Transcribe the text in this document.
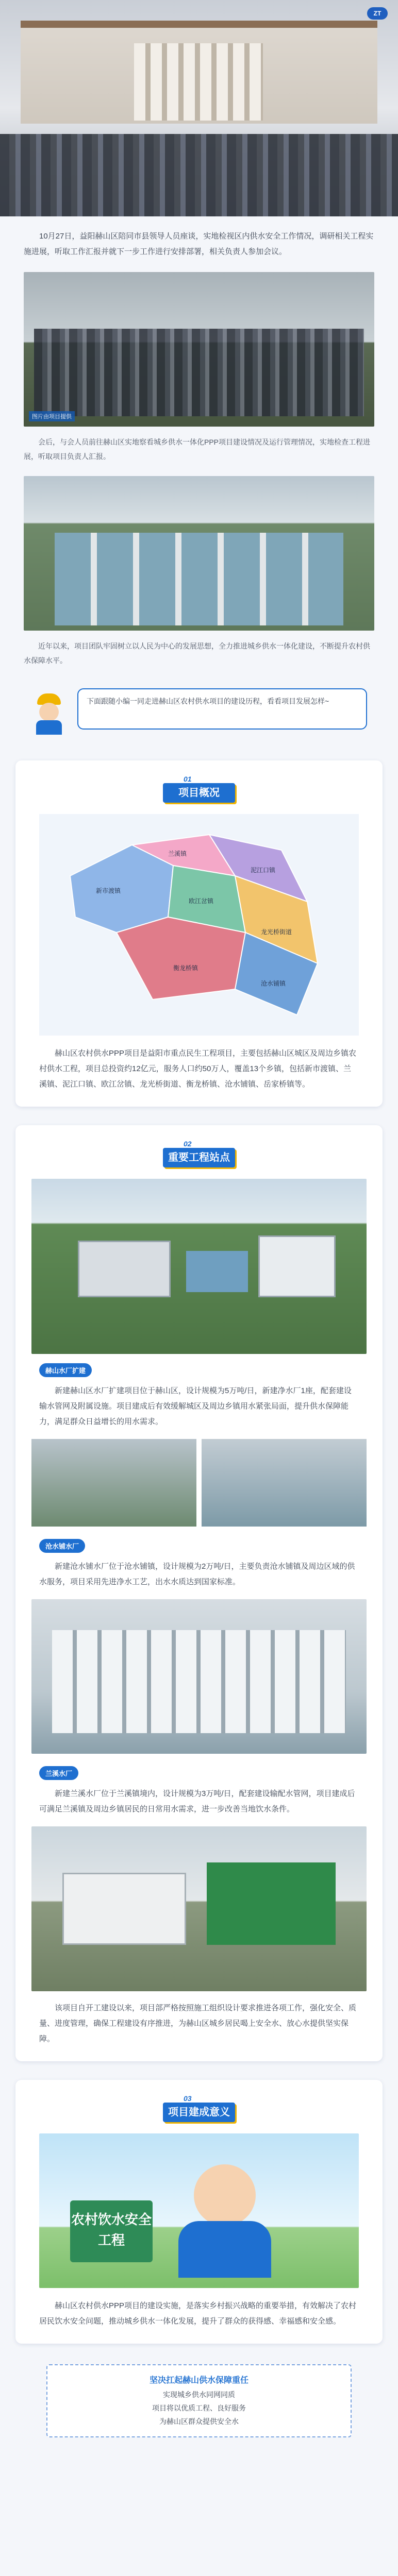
ZT

10月27日，益阳赫山区陪同市县领导人员座谈，实地检视区内供水安全工作情况，调研相关工程实施进展，听取工作汇报并就下一步工作进行安排部署，相关负责人参加会议。

图片由项目提供

会后，与会人员前往赫山区实地察看城乡供水一体化PPP项目建设情况及运行管理情况，实地检查工程进展，听取项目负责人汇报。

近年以来，项目团队牢固树立以人民为中心的发展思想，全力推进城乡供水一体化建设，不断提升农村供水保障水平。

下面跟随小编一同走进赫山区农村供水项目的建设历程，看看项目发展怎样~
01
项目概况
新市渡镇
兰溪镇
泥江口镇
欧江岔镇
龙光桥街道
衡龙桥镇
沧水铺镇

赫山区农村供水PPP项目是益阳市重点民生工程项目，主要包括赫山区城区及周边乡镇农村供水工程，项目总投资约12亿元，服务人口约50万人，覆盖13个乡镇，包括新市渡镇、兰溪镇、泥江口镇、欧江岔镇、龙光桥街道、衡龙桥镇、沧水铺镇、岳家桥镇等。

02
重要工程站点
赫山水厂扩建

新建赫山区水厂扩建项目位于赫山区，设计规模为5万吨/日，新建净水厂1座，配套建设输水管网及附属设施。项目建成后有效缓解城区及周边乡镇用水紧张局面，提升供水保障能力，满足群众日益增长的用水需求。

沧水铺水厂

新建沧水铺水厂位于沧水铺镇，设计规模为2万吨/日，主要负责沧水铺镇及周边区域的供水服务，项目采用先进净水工艺，出水水质达到国家标准。

兰溪水厂

新建兰溪水厂位于兰溪镇境内，设计规模为3万吨/日，配套建设输配水管网，项目建成后可满足兰溪镇及周边乡镇居民的日常用水需求，进一步改善当地饮水条件。

该项目自开工建设以来，项目部严格按照施工组织设计要求推进各项工作，强化安全、质量、进度管理，确保工程建设有序推进，为赫山区城乡居民喝上安全水、放心水提供坚实保障。

03
项目建成意义
农村饮水安全工程

赫山区农村供水PPP项目的建设实施，是落实乡村振兴战略的重要举措，有效解决了农村居民饮水安全问题，推动城乡供水一体化发展，提升了群众的获得感、幸福感和安全感。

坚决扛起赫山供水保障重任
实现城乡供水同网同质
项目将以优质工程、良好服务
为赫山区群众提供安全水
